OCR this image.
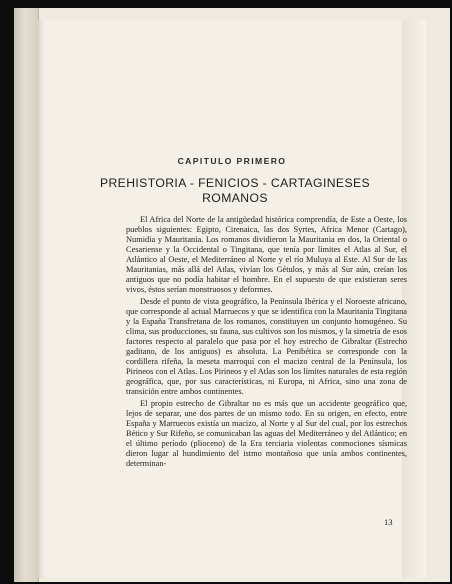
CAPITULO PRIMERO
PREHISTORIA - FENICIOS - CARTAGINESES
ROMANOS

El Africa del Norte de la antigüedad histórica comprendía, de Este a Oeste, los pueblos siguientes: Egipto, Cirenaica, las dos Syrtes, Africa Menor (Cartago), Numidia y Mauritania. Los romanos dividieron la Mauritania en dos, la Oriental o Cesariense y la Occidental o Tingitana, que tenía por límites el Atlas al Sur, el Atlántico al Oeste, el Mediterráneo al Norte y el río Muluya al Este. Al Sur de las Mauritanias, más allá del Atlas, vivían los Gétulos, y más al Sur aún, creían los antiguos que no podía habitar el hombre. En el supuesto de que existieran seres vivos, éstos serían monstruosos y deformes.

Desde el punto de vista geográfico, la Península Ibérica y el Noroeste africano, que corresponde al actual Marruecos y que se identifica con la Mauritania Tingitana y la España Transfretana de los romanos, constituyen un conjunto homogéneo. Su clima, sus producciones, su fauna, sus cultivos son los mismos, y la simetría de esos factores respecto al paralelo que pasa por el hoy estrecho de Gibraltar (Estrecho gaditano, de los antiguos) es absoluta. La Penibética se corresponde con la cordillera rifeña, la meseta marroquí con el macizo central de la Península, los Pirineos con el Atlas. Los Pirineos y el Atlas son los límites naturales de esta región geográfica, que, por sus características, ni Europa, ni Africa, sino una zona de transición entre ambos continentes.

El propio estrecho de Gibraltar no es más que un accidente geográfico que, lejos de separar, une dos partes de un mismo todo. En su origen, en efecto, entre España y Marruecos existía un macizo, al Norte y al Sur del cual, por los estrechos Bético y Sur Rifeño, se comunicaban las aguas del Mediterráneo y del Atlántico; en el último período (plioceno) de la Era terciaria violentas conmociones sísmicas dieron lugar al hundimiento del istmo montañoso que unía ambos continentes, determinan-

13
